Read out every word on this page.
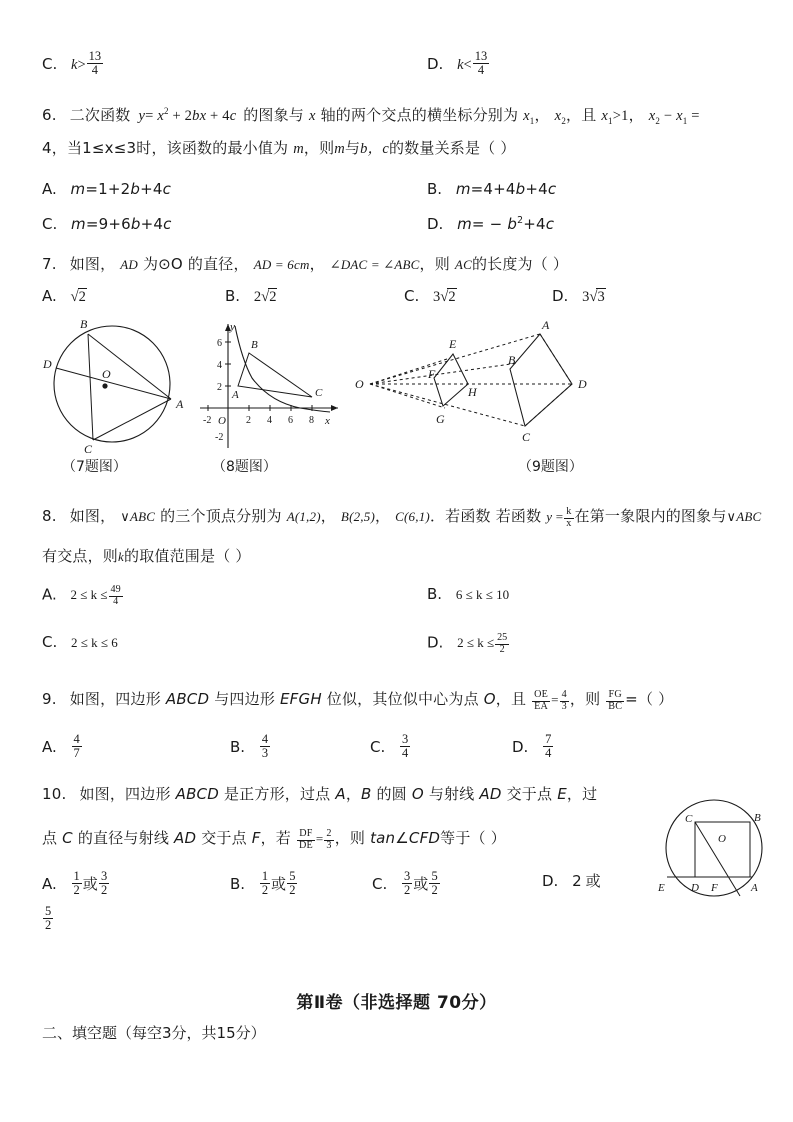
C. $k> \frac{13}{4}$	D. $k< \frac{13}{4}$
6. 二次函数 $y= x^2 + 2bx + 4c$ 的图象与 x 轴的两个交点的横坐标分别为 $x_1$， $x_2$，且 $x_1>1$， $x_2 - x_1$ =
4，当1≤x≤3时，该函数的最小值为 m，则m与b，c的数量关系是（ ）
A. m=1+2b+4c	B. m=4+4b+4c
C. m=9+6b+4c	D. $m= - b^2+4c$
7. 如图， AD 为⊙O 的直径， AD = 6cm， ∠DAC = ∠ABC，则 AC的长度为（ ）
A. √2	B. 2√2	C. 3√2	D. 3√3
B
D
O
A
C
（7题图）
A
B
C
-2 O 2 4 6 8 x
6
4
2
-2
y
（8题图）
O
E
F
H
G
A
B
C
D
（9题图）
8. 如图， ∨ABC 的三个顶点分别为 A(1,2)， B(2,5)， C(6,1)．若函数 若函数 $y = \frac{k}{x}$ 在第一象限内的图象与∨ABC
有交点，则k的取值范围是（ ）
A. $2 \le k \le \frac{49}{4}$	B. 6 ≤ k ≤ 10
C. 2 ≤ k ≤ 6	D. $2 \le k \le \frac{25}{2}$
9. 如图，四边形 ABCD 与四边形 EFGH 位似，其位似中心为点 O，且 $\frac{OE}{EA} = \frac{4}{3}$ ，则 $\frac{FG}{BC}$ =（ ）
A. $\frac{4}{7}$	B. $\frac{4}{3}$	C. $\frac{3}{4}$	D. $\frac{7}{4}$
10. 如图，四边形 ABCD 是正方形，过点 A，B 的圆 O 与射线 AD 交于点 E，过
点 C 的直径与射线 AD 交于点 F，若 $\frac{DF}{DE} = \frac{2}{3}$ ，则 tan∠CFD等于（ ）
C	B
O
E D F	A
A. $\frac{1}{2}$ 或 $\frac{3}{2}$	B. $\frac{1}{2}$ 或 $\frac{5}{2}$	C. $\frac{3}{2}$ 或 $\frac{5}{2}$	D. 2 或
$\frac{5}{2}$
第Ⅱ卷（非选择题 70分）
二、填空题（每空3分，共15分）
